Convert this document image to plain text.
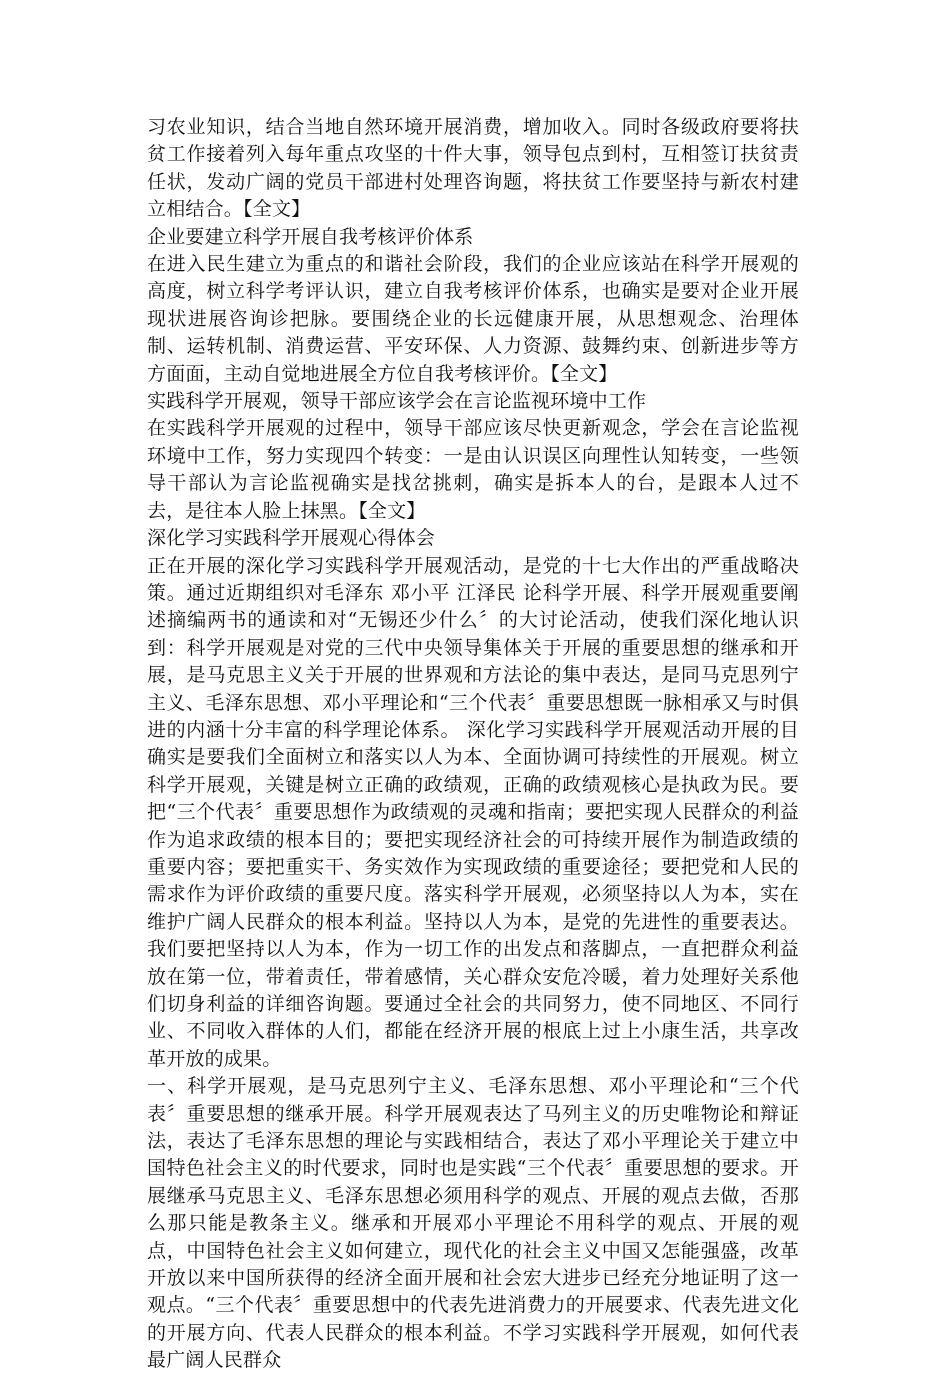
习农业知识，结合当地自然环境开展消费，增加收入。同时各级政府要将扶贫工作接着列入每年重点攻坚的十件大事，领导包点到村，互相签订扶贫责任状，发动广阔的党员干部进村处理咨询题，将扶贫工作要坚持与新农村建立相结合。【全文】

企业要建立科学开展自我考核评价体系

在进入民生建立为重点的和谐社会阶段，我们的企业应该站在科学开展观的高度，树立科学考评认识，建立自我考核评价体系，也确实是要对企业开展现状进展咨询诊把脉。要围绕企业的长远健康开展，从思想观念、治理体制、运转机制、消费运营、平安环保、人力资源、鼓舞约束、创新进步等方方面面，主动自觉地进展全方位自我考核评价。【全文】

实践科学开展观，领导干部应该学会在言论监视环境中工作

在实践科学开展观的过程中，领导干部应该尽快更新观念，学会在言论监视环境中工作，努力实现四个转变：一是由认识误区向理性认知转变，一些领导干部认为言论监视确实是找岔挑刺，确实是拆本人的台，是跟本人过不去，是往本人脸上抹黑。【全文】

深化学习实践科学开展观心得体会

正在开展的深化学习实践科学开展观活动，是党的十七大作出的严重战略决策。通过近期组织对毛泽东 邓小平 江泽民 论科学开展、科学开展观重要阐述摘编两书的通读和对“无锡还少什么〞的大讨论活动，使我们深化地认识到：科学开展观是对党的三代中央领导集体关于开展的重要思想的继承和开展，是马克思主义关于开展的世界观和方法论的集中表达，是同马克思列宁主义、毛泽东思想、邓小平理论和“三个代表〞重要思想既一脉相承又与时俱进的内涵十分丰富的科学理论体系。 深化学习实践科学开展观活动开展的目确实是要我们全面树立和落实以人为本、全面协调可持续性的开展观。树立科学开展观，关键是树立正确的政绩观，正确的政绩观核心是执政为民。要把“三个代表〞重要思想作为政绩观的灵魂和指南；要把实现人民群众的利益作为追求政绩的根本目的；要把实现经济社会的可持续开展作为制造政绩的重要内容；要把重实干、务实效作为实现政绩的重要途径；要把党和人民的需求作为评价政绩的重要尺度。落实科学开展观，必须坚持以人为本，实在维护广阔人民群众的根本利益。坚持以人为本，是党的先进性的重要表达。我们要把坚持以人为本，作为一切工作的出发点和落脚点，一直把群众利益放在第一位，带着责任，带着感情，关心群众安危冷暖，着力处理好关系他们切身利益的详细咨询题。要通过全社会的共同努力，使不同地区、不同行业、不同收入群体的人们，都能在经济开展的根底上过上小康生活，共享改革开放的成果。

一、科学开展观，是马克思列宁主义、毛泽东思想、邓小平理论和“三个代表〞重要思想的继承开展。科学开展观表达了马列主义的历史唯物论和辩证法，表达了毛泽东思想的理论与实践相结合，表达了邓小平理论关于建立中国特色社会主义的时代要求，同时也是实践“三个代表〞重要思想的要求。开展继承马克思主义、毛泽东思想必须用科学的观点、开展的观点去做，否那么那只能是教条主义。继承和开展邓小平理论不用科学的观点、开展的观点，中国特色社会主义如何建立，现代化的社会主义中国又怎能强盛，改革开放以来中国所获得的经济全面开展和社会宏大进步已经充分地证明了这一观点。“三个代表〞重要思想中的代表先进消费力的开展要求、代表先进文化的开展方向、代表人民群众的根本利益。不学习实践科学开展观，如何代表最广阔人民群众
